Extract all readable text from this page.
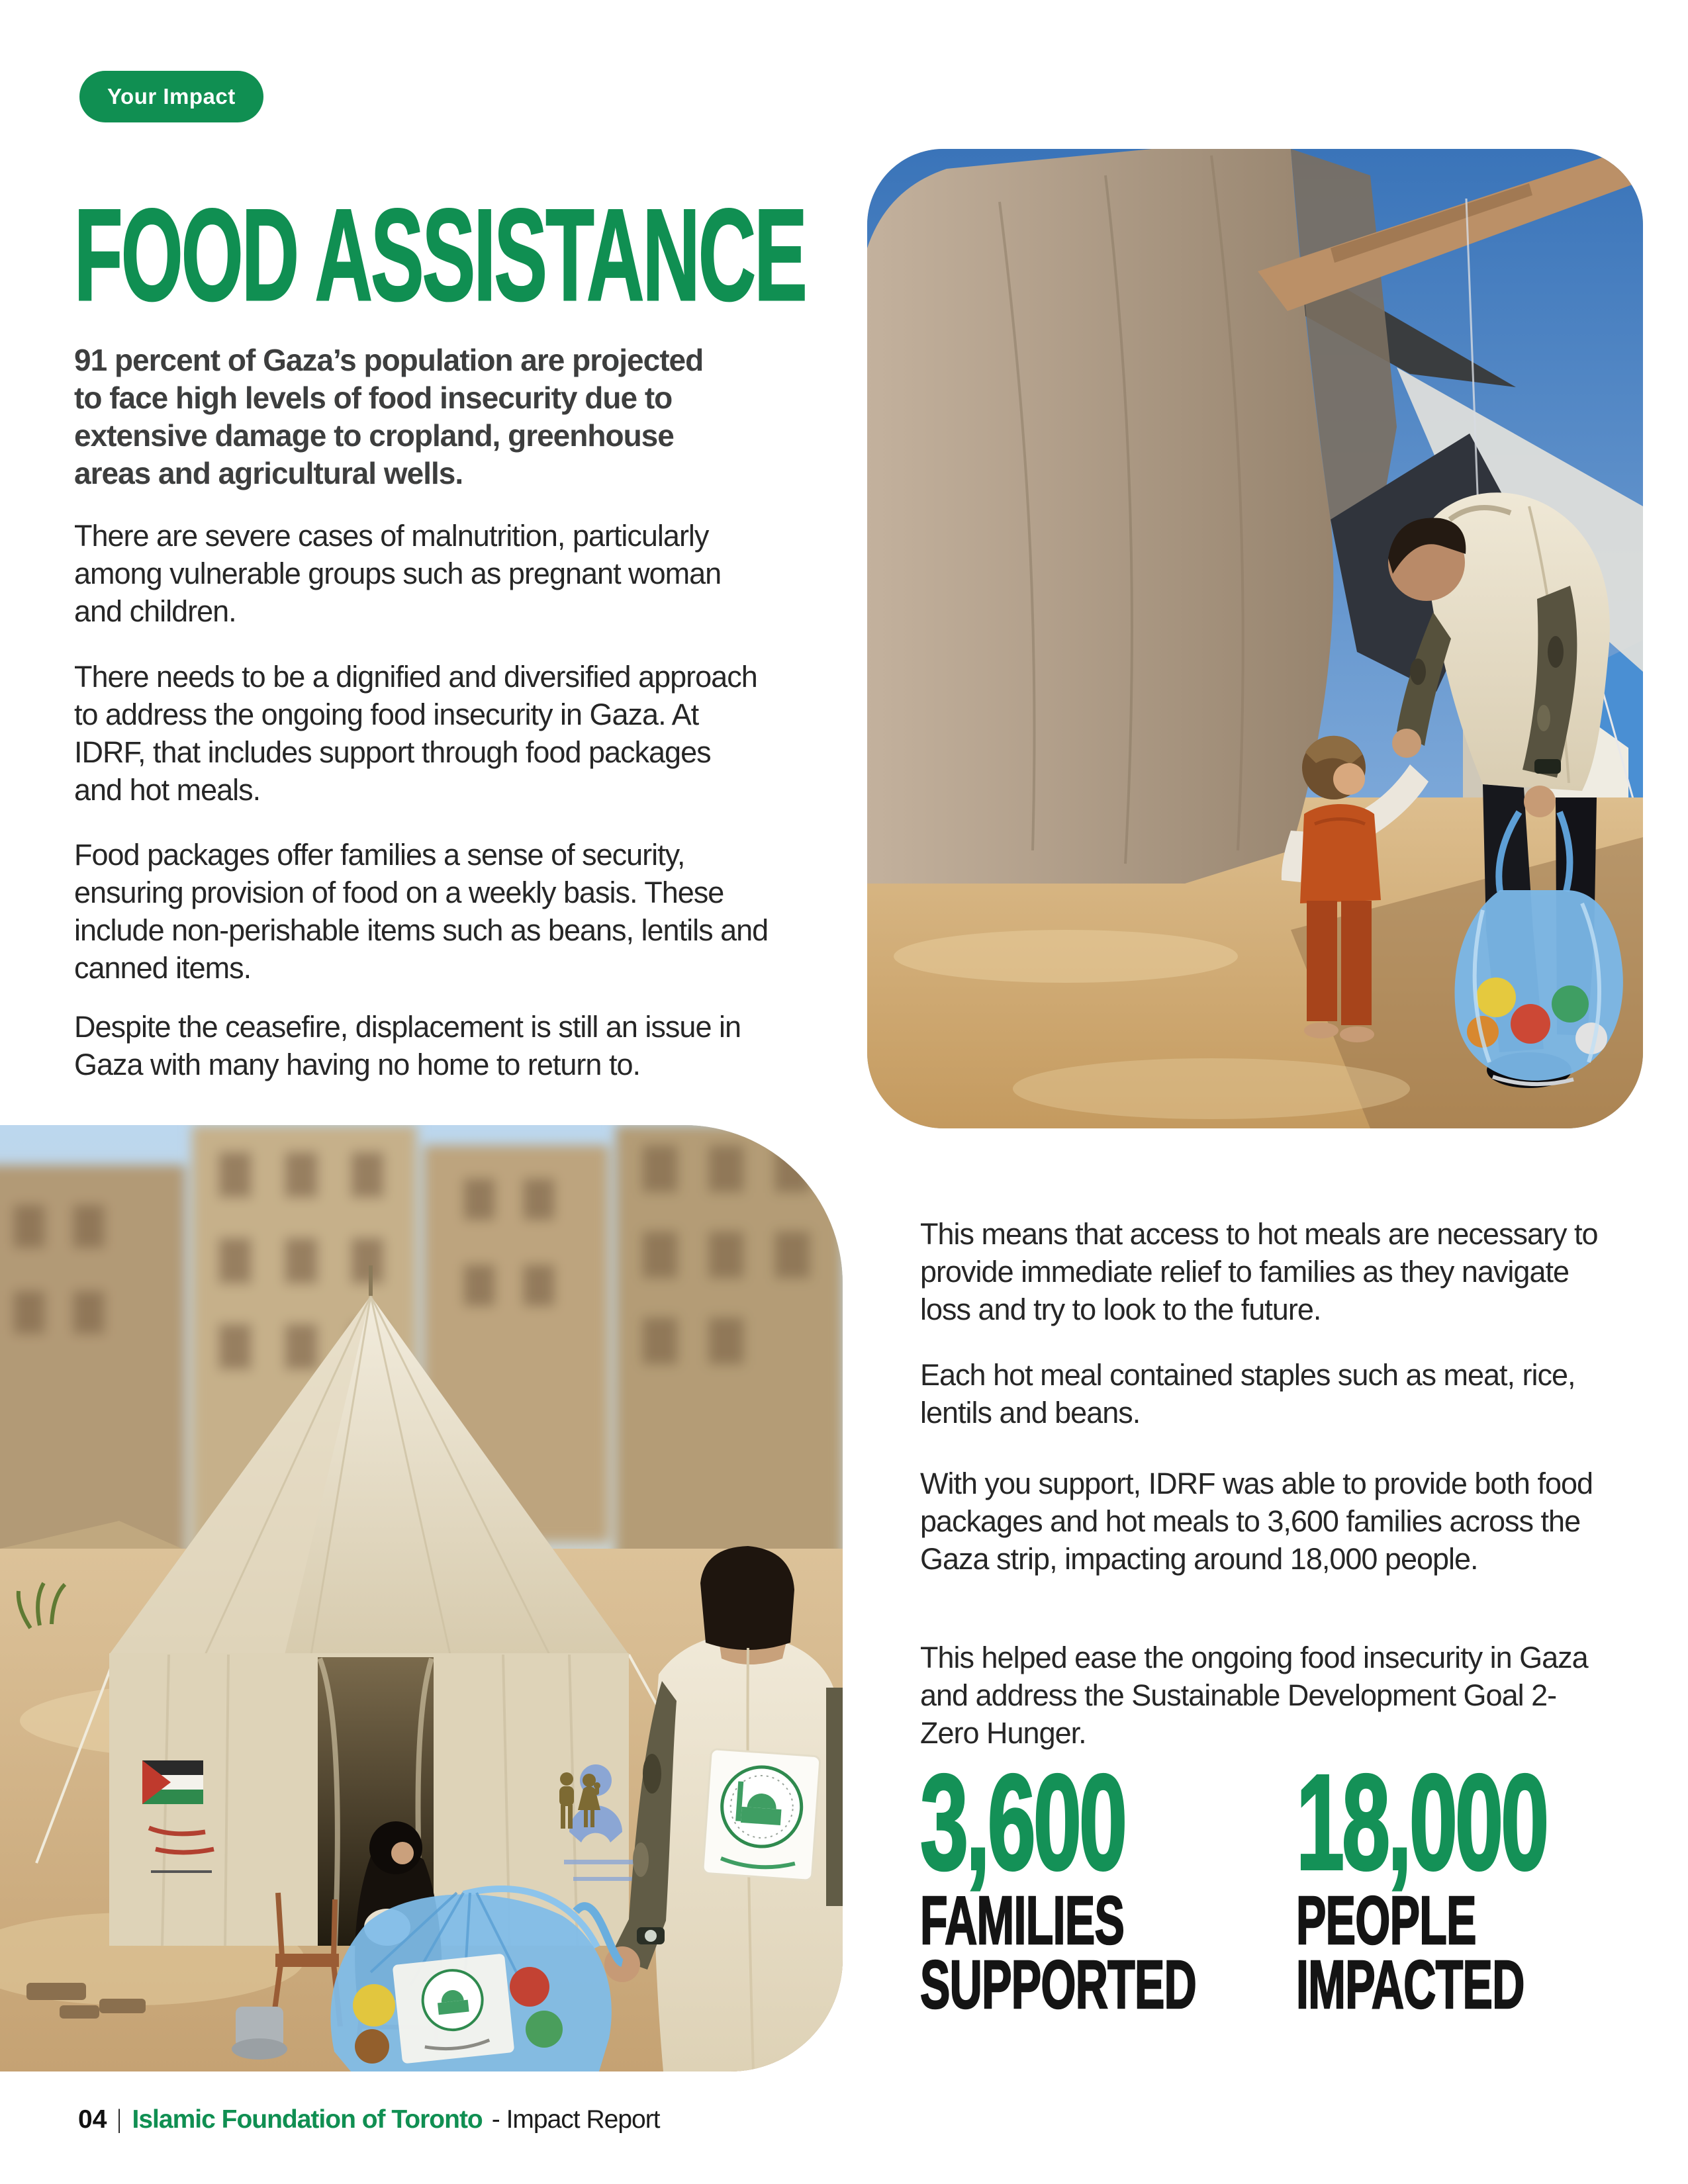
Your Impact
FOOD ASSISTANCE
91 percent of Gaza’s population are projected
to face high levels of food insecurity due to
extensive damage to cropland, greenhouse
areas and agricultural wells.
There are severe cases of malnutrition, particularly
among vulnerable groups such as pregnant woman
and children.
There needs to be a dignified and diversified approach
to address the ongoing food insecurity in Gaza. At
IDRF, that includes support through food packages
and hot meals.
Food packages offer families a sense of security,
ensuring provision of food on a weekly basis. These
include non-perishable items such as beans, lentils and
canned items.
Despite the ceasefire, displacement is still an issue in
Gaza with many having no home to return to.
This means that access to hot meals are necessary to
provide immediate relief to families as they navigate
loss and try to look to the future.
Each hot meal contained staples such as meat, rice,
lentils and beans.
With you support, IDRF was able to provide both food
packages and hot meals to 3,600 families across the
Gaza strip, impacting around 18,000 people.
This helped ease the ongoing food insecurity in Gaza
and address the Sustainable Development Goal 2-
Zero Hunger.
3,600
FAMILIES
SUPPORTED
18,000
PEOPLE
IMPACTED
04 | Islamic Foundation of Toronto - Impact Report
